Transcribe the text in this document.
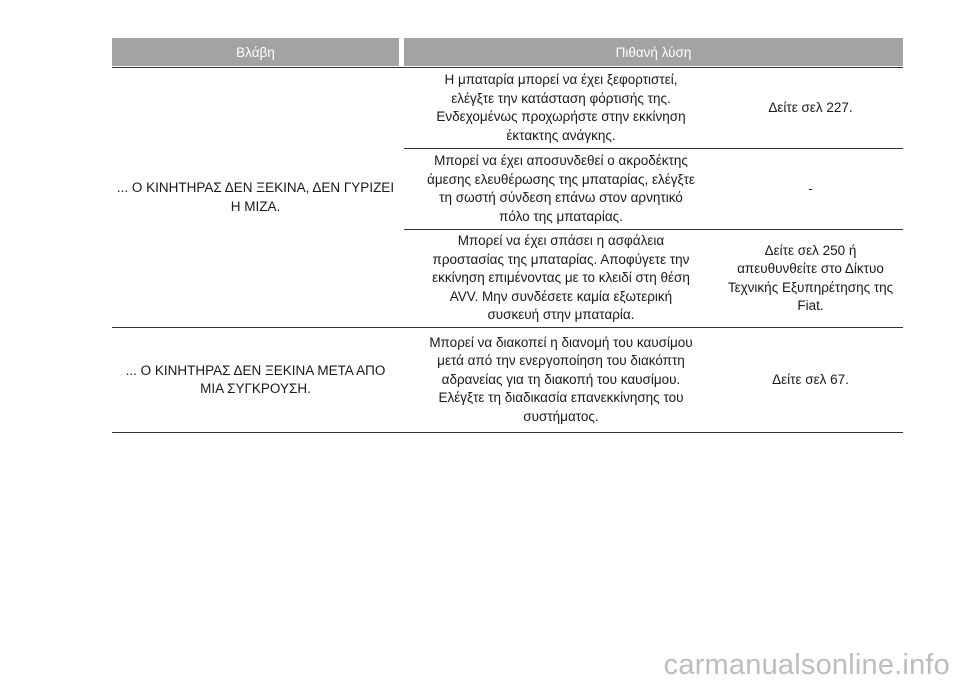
Βλάβη	Πιθανή λύση
... Ο ΚΙΝΗΤΗΡΑΣ ΔΕΝ ΞΕΚΙΝΑ, ΔΕΝ ΓΥΡΙΖΕΙ
Η ΜΙΖΑ.
Η μπαταρία μπορεί να έχει ξεφορτιστεί,
ελέγξτε την κατάσταση φόρτισής της.
Ενδεχομένως προχωρήστε στην εκκίνηση
έκτακτης ανάγκης.
Δείτε σελ 227.
Μπορεί να έχει αποσυνδεθεί ο ακροδέκτης
άμεσης ελευθέρωσης της μπαταρίας, ελέγξτε
τη σωστή σύνδεση επάνω στον αρνητικό
πόλο της μπαταρίας.
-
Μπορεί να έχει σπάσει η ασφάλεια
προστασίας της μπαταρίας. Αποφύγετε την
εκκίνηση επιμένοντας με το κλειδί στη θέση
AVV. Μην συνδέσετε καμία εξωτερική
συσκευή στην μπαταρία.
Δείτε σελ 250 ή
απευθυνθείτε στο Δίκτυο
Τεχνικής Εξυπηρέτησης της
Fiat.
... Ο ΚΙΝΗΤΗΡΑΣ ΔΕΝ ΞΕΚΙΝΑ ΜΕΤΑ ΑΠΟ
ΜΙΑ ΣΥΓΚΡΟΥΣΗ.
Μπορεί να διακοπεί η διανομή του καυσίμου
μετά από την ενεργοποίηση του διακόπτη
αδρανείας για τη διακοπή του καυσίμου.
Ελέγξτε τη διαδικασία επανεκκίνησης του
συστήματος.
Δείτε σελ 67.
carmanualsonline.info
